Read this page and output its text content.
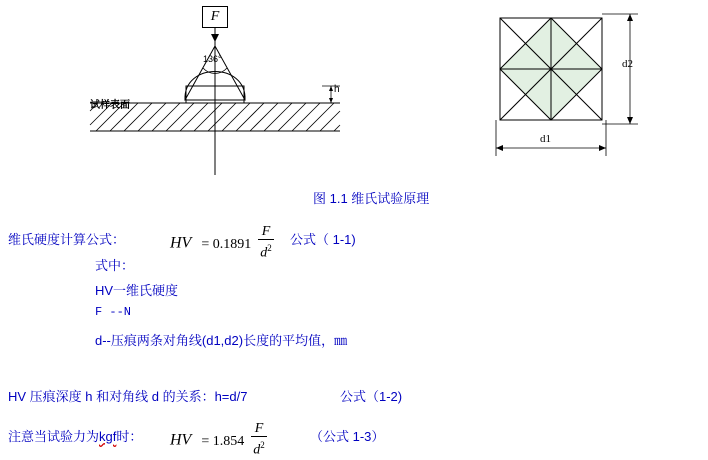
F
136°
试样表面
h
d2
d1
图 1.1 维氏试验原理
维氏硬度计算公式：	HV = $0.1891 \frac{F}{d^2}$ 公式（ 1-1)
式中：
HV一维氏硬度
F --N
d--压痕两条对角线(d1,d2)长度的平均值，㎜
HV 压痕深度 h 和对角线 d 的关系：h=d/7	公式（1-2)
注意当试验力为kgf时： HV = $1.854 \frac{F}{d^2}$	（公式 1-3）
